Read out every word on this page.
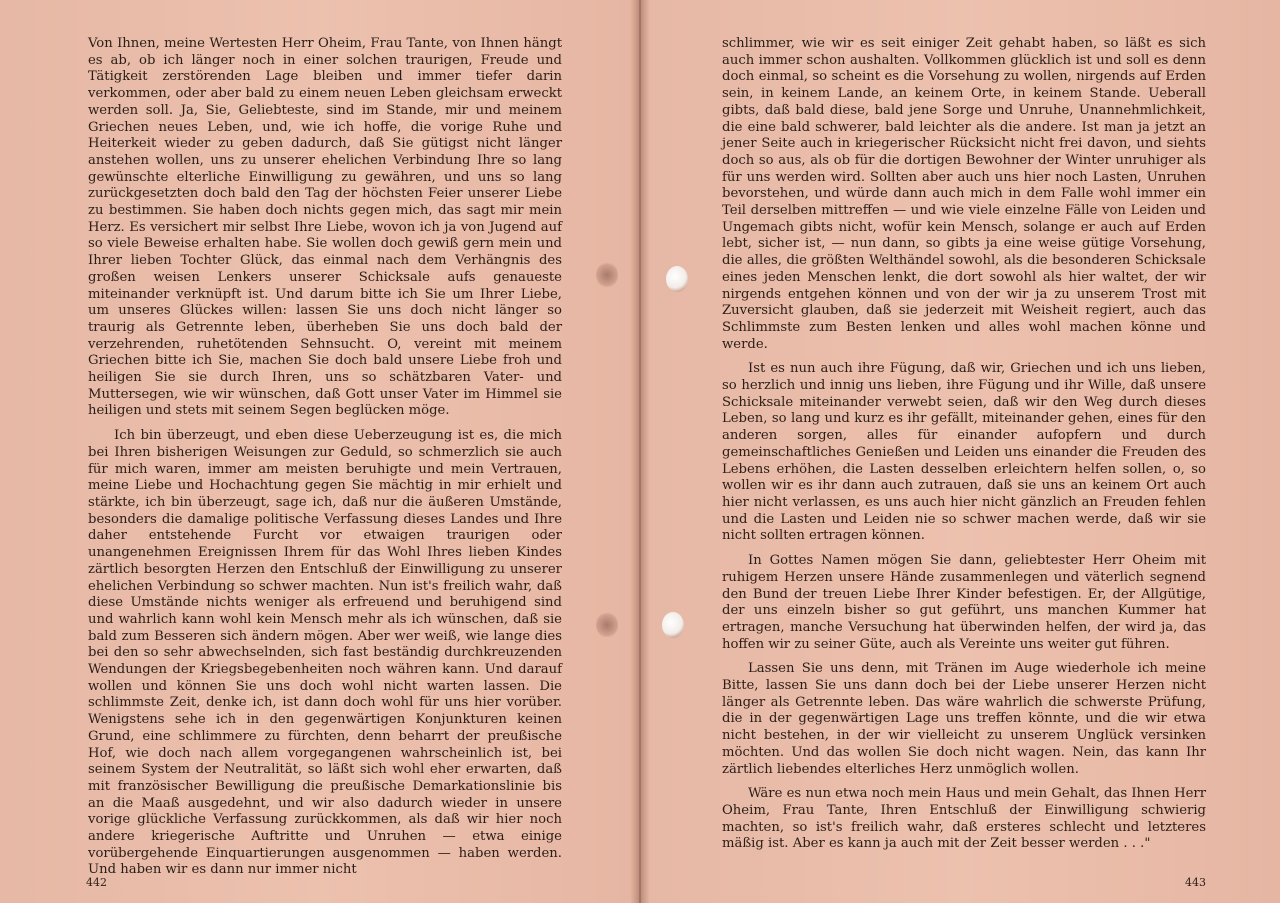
Von Ihnen, meine Wertesten Herr Oheim, Frau Tante, von Ihnen hängt es ab, ob ich länger noch in einer solchen traurigen, Freude und Tätigkeit zerstörenden Lage bleiben und immer tiefer darin verkommen, oder aber bald zu einem neuen Leben gleichsam erweckt werden soll. Ja, Sie, Geliebteste, sind im Stande, mir und meinem Griechen neues Leben, und, wie ich hoffe, die vorige Ruhe und Heiterkeit wieder zu geben dadurch, daß Sie gütigst nicht länger anstehen wollen, uns zu unserer ehelichen Verbindung Ihre so lang gewünschte elterliche Einwilligung zu gewähren, und uns so lang zurückgesetzten doch bald den Tag der höchsten Feier unserer Liebe zu bestimmen. Sie haben doch nichts gegen mich, das sagt mir mein Herz. Es versichert mir selbst Ihre Liebe, wovon ich ja von Jugend auf so viele Beweise erhalten habe. Sie wollen doch gewiß gern mein und Ihrer lieben Tochter Glück, das einmal nach dem Verhängnis des großen weisen Lenkers unserer Schicksale aufs genaueste miteinander verknüpft ist. Und darum bitte ich Sie um Ihrer Liebe, um unseres Glückes willen: lassen Sie uns doch nicht länger so traurig als Getrennte leben, überheben Sie uns doch bald der verzehrenden, ruhetötenden Sehnsucht. O, vereint mit meinem Griechen bitte ich Sie, machen Sie doch bald unsere Liebe froh und heiligen Sie sie durch Ihren, uns so schätzbaren Vater- und Muttersegen, wie wir wünschen, daß Gott unser Vater im Himmel sie heiligen und stets mit seinem Segen beglücken möge.

Ich bin überzeugt, und eben diese Ueberzeugung ist es, die mich bei Ihren bisherigen Weisungen zur Geduld, so schmerzlich sie auch für mich waren, immer am meisten beruhigte und mein Vertrauen, meine Liebe und Hochachtung gegen Sie mächtig in mir erhielt und stärkte, ich bin überzeugt, sage ich, daß nur die äußeren Umstände, besonders die damalige politische Verfassung dieses Landes und Ihre daher entstehende Furcht vor etwaigen traurigen oder unangenehmen Ereignissen Ihrem für das Wohl Ihres lieben Kindes zärtlich besorgten Herzen den Entschluß der Einwilligung zu unserer ehelichen Verbindung so schwer machten. Nun ist's freilich wahr, daß diese Umstände nichts weniger als erfreuend und beruhigend sind und wahrlich kann wohl kein Mensch mehr als ich wünschen, daß sie bald zum Besseren sich ändern mögen. Aber wer weiß, wie lange dies bei den so sehr abwechselnden, sich fast beständig durchkreuzenden Wendungen der Kriegsbegebenheiten noch währen kann. Und darauf wollen und können Sie uns doch wohl nicht warten lassen. Die schlimmste Zeit, denke ich, ist dann doch wohl für uns hier vorüber. Wenigstens sehe ich in den gegenwärtigen Konjunkturen keinen Grund, eine schlimmere zu fürchten, denn beharrt der preußische Hof, wie doch nach allem vorgegangenen wahrscheinlich ist, bei seinem System der Neutralität, so läßt sich wohl eher erwarten, daß mit französischer Bewilligung die preußische Demarkationslinie bis an die Maaß ausgedehnt, und wir also dadurch wieder in unsere vorige glückliche Verfassung zurückkommen, als daß wir hier noch andere kriegerische Auftritte und Unruhen — etwa einige vorübergehende Einquartierungen ausgenommen — haben werden. Und haben wir es dann nur immer nicht

442

schlimmer, wie wir es seit einiger Zeit gehabt haben, so läßt es sich auch immer schon aushalten. Vollkommen glücklich ist und soll es denn doch einmal, so scheint es die Vorsehung zu wollen, nirgends auf Erden sein, in keinem Lande, an keinem Orte, in keinem Stande. Ueberall gibts, daß bald diese, bald jene Sorge und Unruhe, Unannehmlichkeit, die eine bald schwerer, bald leichter als die andere. Ist man ja jetzt an jener Seite auch in kriegerischer Rücksicht nicht frei davon, und siehts doch so aus, als ob für die dortigen Bewohner der Winter unruhiger als für uns werden wird. Sollten aber auch uns hier noch Lasten, Unruhen bevorstehen, und würde dann auch mich in dem Falle wohl immer ein Teil derselben mittreffen — und wie viele einzelne Fälle von Leiden und Ungemach gibts nicht, wofür kein Mensch, solange er auch auf Erden lebt, sicher ist, — nun dann, so gibts ja eine weise gütige Vorsehung, die alles, die größten Welthändel sowohl, als die besonderen Schicksale eines jeden Menschen lenkt, die dort sowohl als hier waltet, der wir nirgends entgehen können und von der wir ja zu unserem Trost mit Zuversicht glauben, daß sie jederzeit mit Weisheit regiert, auch das Schlimmste zum Besten lenken und alles wohl machen könne und werde.

Ist es nun auch ihre Fügung, daß wir, Griechen und ich uns lieben, so herzlich und innig uns lieben, ihre Fügung und ihr Wille, daß unsere Schicksale miteinander verwebt seien, daß wir den Weg durch dieses Leben, so lang und kurz es ihr gefällt, miteinander gehen, eines für den anderen sorgen, alles für einander aufopfern und durch gemeinschaftliches Genießen und Leiden uns einander die Freuden des Lebens erhöhen, die Lasten desselben erleichtern helfen sollen, o, so wollen wir es ihr dann auch zutrauen, daß sie uns an keinem Ort auch hier nicht verlassen, es uns auch hier nicht gänzlich an Freuden fehlen und die Lasten und Leiden nie so schwer machen werde, daß wir sie nicht sollten ertragen können.

In Gottes Namen mögen Sie dann, geliebtester Herr Oheim mit ruhigem Herzen unsere Hände zusammenlegen und väterlich segnend den Bund der treuen Liebe Ihrer Kinder befestigen. Er, der Allgütige, der uns einzeln bisher so gut geführt, uns manchen Kummer hat ertragen, manche Versuchung hat überwinden helfen, der wird ja, das hoffen wir zu seiner Güte, auch als Vereinte uns weiter gut führen.

Lassen Sie uns denn, mit Tränen im Auge wiederhole ich meine Bitte, lassen Sie uns dann doch bei der Liebe unserer Herzen nicht länger als Getrennte leben. Das wäre wahrlich die schwerste Prüfung, die in der gegenwärtigen Lage uns treffen könnte, und die wir etwa nicht bestehen, in der wir vielleicht zu unserem Unglück versinken möchten. Und das wollen Sie doch nicht wagen. Nein, das kann Ihr zärtlich liebendes elterliches Herz unmöglich wollen.

Wäre es nun etwa noch mein Haus und mein Gehalt, das Ihnen Herr Oheim, Frau Tante, Ihren Entschluß der Einwilligung schwierig machten, so ist's freilich wahr, daß ersteres schlecht und letzteres mäßig ist. Aber es kann ja auch mit der Zeit besser werden . . ."

443
